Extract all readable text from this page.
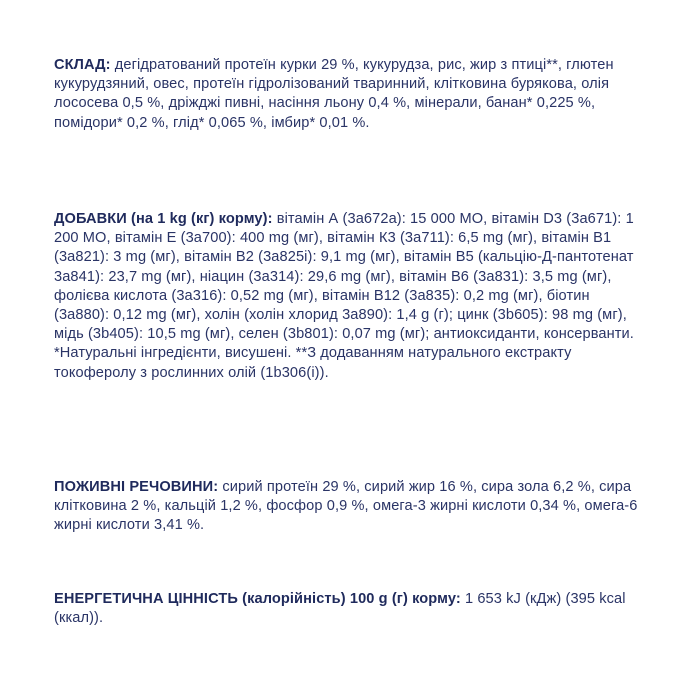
СКЛАД: дегідратований протеїн курки 29 %, кукурудза, рис, жир з птиці**, глютен кукурудзяний, овес, протеїн гідролізований тваринний, клітковина бурякова, олія лососева 0,5 %, дріжджі пивні, насіння льону 0,4 %, мінерали, банан* 0,225 %, помідори* 0,2 %, глід* 0,065 %, імбир* 0,01 %.
ДОБАВКИ (на 1 kg (кг) корму): вітамін А (3а672а): 15 000 МО, вітамін D3 (3а671): 1 200 МО, вітамін Е (3а700): 400 mg (мг), вітамін К3 (3а711): 6,5 mg (мг), вітамін В1 (3а821): 3 mg (мг), вітамін В2 (3а825і): 9,1 mg (мг), вітамін В5 (кальцію-Д-пантотенат 3а841): 23,7 mg (мг), ніацин (3а314): 29,6 mg (мг), вітамін В6 (3а831): 3,5 mg (мг), фолієва кислота (3а316): 0,52 mg (мг), вітамін В12 (3а835): 0,2 mg (мг), біотин (3а880): 0,12 mg (мг), холін (холін хлорид 3а890): 1,4 g (г); цинк (3b605): 98 mg (мг), мідь (3b405): 10,5 mg (мг), селен (3b801): 0,07 mg (мг); антиоксиданти, консерванти. *Натуральні інгредієнти, висушені. **З додаванням натурального екстракту токоферолу з рослинних олій (1b306(і)).
ПОЖИВНІ РЕЧОВИНИ: сирий протеїн 29 %, сирий жир 16 %, сира зола 6,2 %, сира клітковина 2 %, кальцій 1,2 %, фосфор 0,9 %, омега-3 жирні кислоти 0,34 %, омега-6 жирні кислоти 3,41 %.
ЕНЕРГЕТИЧНА ЦІННІСТЬ (калорійність) 100 g (г) корму: 1 653 kJ (кДж) (395 kcal (ккал)).
